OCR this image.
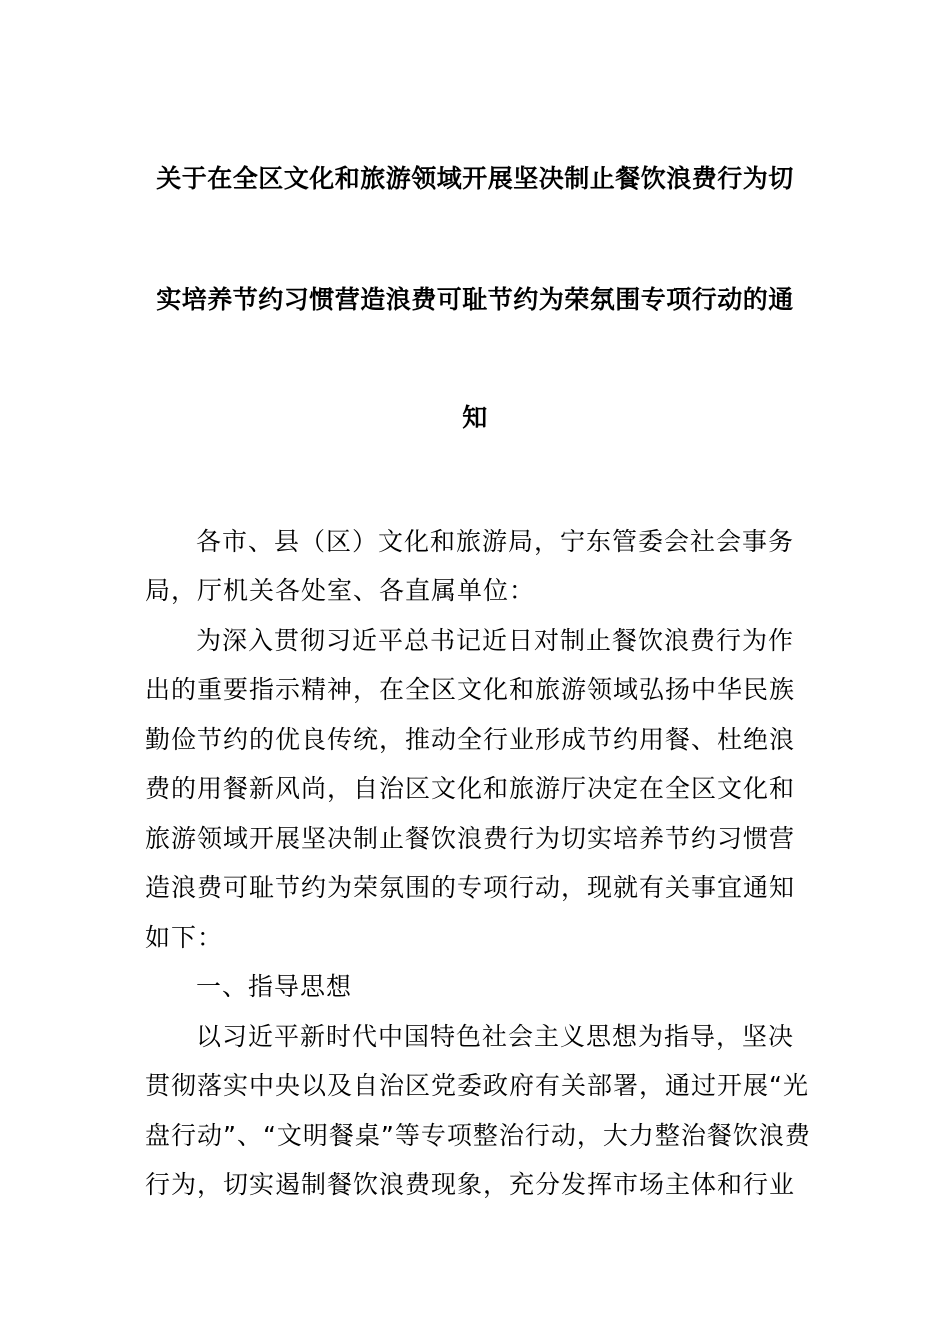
关于在全区文化和旅游领域开展坚决制止餐饮浪费行为切
实培养节约习惯营造浪费可耻节约为荣氛围专项行动的通
知
各市、县（区）文化和旅游局，宁东管委会社会事务
局，厅机关各处室、各直属单位：
为深入贯彻习近平总书记近日对制止餐饮浪费行为作
出的重要指示精神，在全区文化和旅游领域弘扬中华民族
勤俭节约的优良传统，推动全行业形成节约用餐、杜绝浪
费的用餐新风尚，自治区文化和旅游厅决定在全区文化和
旅游领域开展坚决制止餐饮浪费行为切实培养节约习惯营
造浪费可耻节约为荣氛围的专项行动，现就有关事宜通知
如下：
一、指导思想
以习近平新时代中国特色社会主义思想为指导，坚决
贯彻落实中央以及自治区党委政府有关部署，通过开展“光
盘行动”、“文明餐桌”等专项整治行动，大力整治餐饮浪费
行为，切实遏制餐饮浪费现象，充分发挥市场主体和行业
